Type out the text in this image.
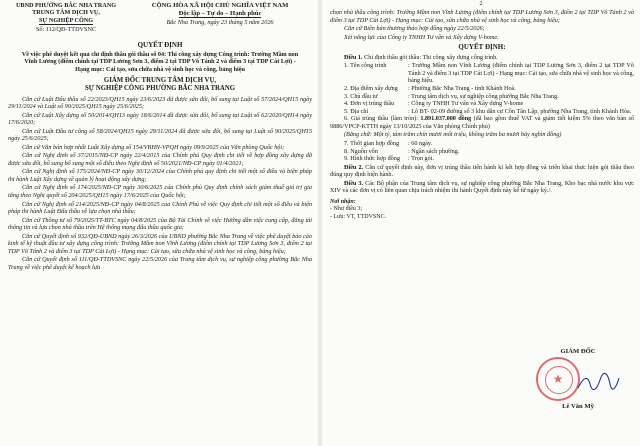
UBND PHƯỜNG BẮC NHA TRANG
TRUNG TÂM DỊCH VỤ,
SỰ NGHIỆP CÔNG
Số: 112/QĐ-TTDVSNC
CỘNG HÒA XÃ HỘI CHỦ NGHĨA VIỆT NAM
Độc lập – Tự do – Hạnh phúc
Bắc Nha Trang, ngày 23 tháng 5 năm 2026
QUYẾT ĐỊNH
Về việc phê duyệt kết quả chỉ định thầu gói thầu số 04: Thi công xây dựng Công trình: Trường Mầm non Vĩnh Lương (điểm chính tại TDP Lương Sơn 3, điểm 2 tại TDP Võ Tánh 2 và điểm 3 tại TDP Cát Lợi) - Hạng mục: Cải tạo, sửa chữa nhà vệ sinh học và công, bảng hiệu
GIÁM ĐỐC TRUNG TÂM DỊCH VỤ,
SỰ NGHIỆP CÔNG PHƯỜNG BẮC NHA TRANG

Căn cứ Luật Đấu thầu số 22/2023/QH15 ngày 23/6/2023 đã được sửa đổi, bổ sung tại Luật số 57/2024/QH15 ngày 29/11/2024 và Luật số 90/2025/QH15 ngày 25/6/2025;

Căn cứ Luật Xây dựng số 50/2014/QH13 ngày 18/6/2014 đã được sửa đổi, bổ sung tại Luật số 62/2020/QH14 ngày 17/6/2020;

Căn cứ Luật Đầu tư công số 58/2024/QH15 ngày 29/11/2024 đã được sửa đổi, bổ sung tại Luật số 90/2025/QH15 ngày 25/6/2025;

Căn cứ Văn bản hợp nhất Luật Xây dựng số 154/VBHN-VPQH ngày 09/9/2025 của Văn phòng Quốc hội;

Căn cứ Nghị định số 37/2015/NĐ-CP ngày 22/4/2015 của Chính phủ Quy định chi tiết về hợp đồng xây dựng đã được sửa đổi, bổ sung bổ sung một số điều theo Nghị định số 50/2021/NĐ-CP ngày 01/4/2021;

Căn cứ Nghị định số 175/2024/NĐ-CP ngày 30/12/2024 của Chính phủ quy định chi tiết một số điều và biện pháp thi hành Luật Xây dựng về quản lý hoạt động xây dựng;

Căn cứ Nghị định số 174/2025/NĐ-CP ngày 30/6/2025 của Chính phủ Quy định chính sách giảm thuế giá trị gia tăng theo Nghị quyết số 204/2025/QH15 ngày 17/6/2025 của Quốc hội;

Căn cứ Nghị định số 214/2025/NĐ-CP ngày 04/8/2025 của Chính Phủ về việc Quy định chi tiết một số điều và biện pháp thi hành Luật Đấu thầu về lựa chọn nhà thầu;

Căn cứ Thông tư số 79/2025/TT-BTC ngày 04/8/2025 của Bộ Tài Chính về việc Hướng dẫn việc cung cấp, đăng tải thông tin và lựa chọn nhà thầu trên Hệ thống mạng đấu thầu quốc gia;

Căn cứ Quyết định số 932/QĐ-UBND ngày 26/3/2026 của UBND phường Bắc Nha Trang về việc phê duyệt báo cáo kinh tế kỹ thuật đầu tư xây dựng công trình: Trường Mầm non Vĩnh Lương (điểm chính tại TDP Lương Sơn 3, điểm 2 tại TDP Võ Tánh 2 và điểm 3 tại TDP Cát Lợi) - Hạng mục: Cải tạo, sửa chữa nhà vệ sinh học và công, bảng hiệu;

Căn cứ Quyết định số 111/QĐ-TTDVSNC ngày 22/5/2026 của Trung tâm dịch vụ, sự nghiệp công phường Bắc Nha Trang về việc phê duyệt kế hoạch lựa

2

chọn nhà thầu công trình: Trường Mầm non Vĩnh Lương (điểm chính tại TDP Lương Sơn 3, điểm 2 tại TDP Võ Tánh 2 và điểm 3 tại TDP Cát Lợi) - Hạng mục: Cải tạo, sửa chữa nhà vệ sinh học và công, bảng hiệu;

Căn cứ Biên bản thương thảo hợp đồng ngày 22/5/2026;

Xét năng lực của Công ty TNHH Tư vấn và Xây dựng V-home.

QUYẾT ĐỊNH:

Điều 1. Chỉ định thầu gói thầu: Thi công xây dựng công trình.

1. Tên công trình	: Trường Mầm non Vĩnh Lương (điểm chính tại TDP Lương Sơn 3, điểm 2 tại TDP Võ Tánh 2 và điểm 3 tại TDP Cát Lợi) - Hạng mục: Cải tạo, sửa chữa nhà vệ sinh học và công, bảng hiệu.
2. Địa điểm xây dựng	: Phường Bắc Nha Trang - tỉnh Khánh Hoà.
3. Chủ đầu tư	: Trung tâm dịch vụ, sự nghiệp công phường Bắc Nha Trang.
4. Đơn vị trúng thầu	: Công ty TNHH Tư vấn và Xây dựng V-home
5. Địa chỉ	: Lô BT- 02-09 đường số 3 khu dân cư Cồn Tân Lập, phường Nha Trang, tỉnh Khánh Hòa.

6. Giá trúng thầu (làm tròn): 1.891.037.000 đồng (đã bao gồm thuế VAT và giảm tiết kiệm 5% theo văn bản số 9886/VPCP-KTTH ngày 13/10/2025 của Văn phòng Chính phủ)

(Bằng chữ: Một tỷ, tám trăm chín mươi mốt triệu, không trăm ba mươi bảy nghìn đồng)

7. Thời gian hợp đồng	: 60 ngày.
8. Nguồn vốn	: Ngân sách phường.
9. Hình thức hợp đồng	: Trọn gói.

Điều 2. Căn cứ quyết định này, đơn vị trúng thầu tiến hành kí kết hợp đồng và triển khai thực hiện gói thầu theo đúng quy định hiện hành.

Điều 3. Các Bộ phận của Trung tâm dịch vụ, sự nghiệp công phường Bắc Nha Trang, Kho bạc nhà nước khu vực XIV và các đơn vị có liên quan chịu trách nhiệm thi hành Quyết định này kể từ ngày ký./.

Nơi nhận:
- Như điều 3;
- Lưu: VT, TTDVSNC.
GIÁM ĐỐC
★
Lê Văn Mỹ
